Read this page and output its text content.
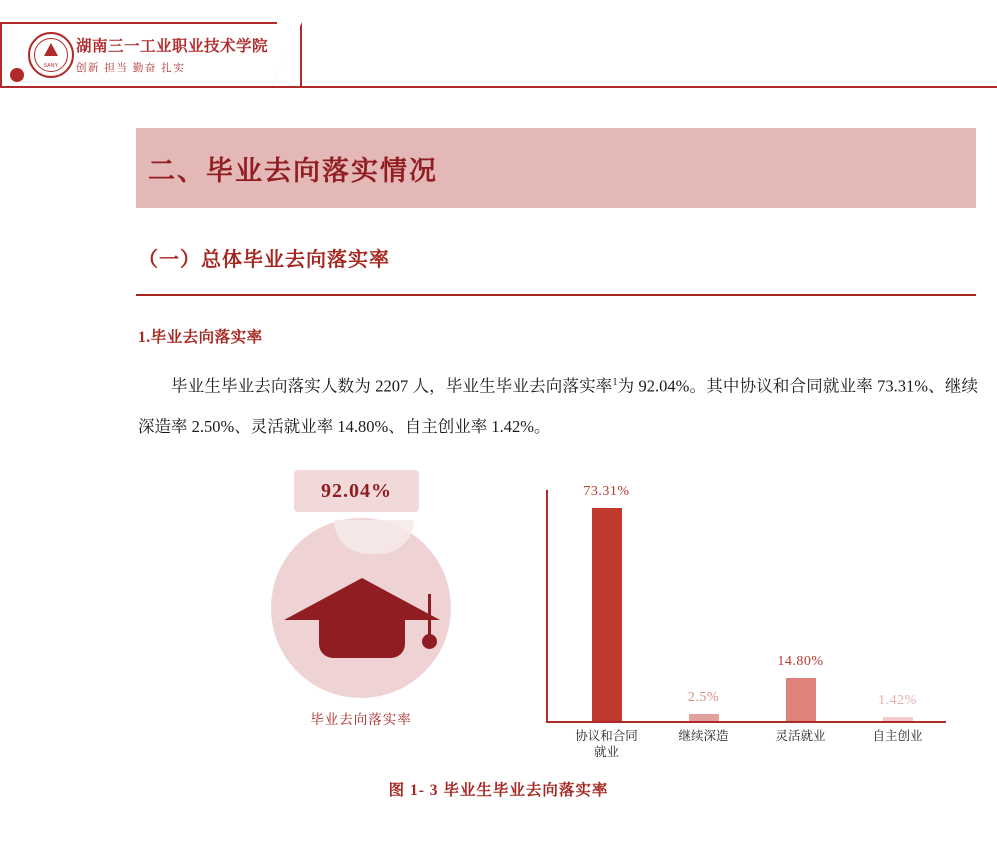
SANY
湖南三一工业职业技术学院
创新 担当 勤奋 扎实
二、毕业去向落实情况
（一）总体毕业去向落实率
1.毕业去向落实率
毕业生毕业去向落实人数为 2207 人，毕业生毕业去向落实率$^1$为 92.04%。其中协议和合同就业率 73.31%、继续深造率 2.50%、灵活就业率 14.80%、自主创业率 1.42%。
92.04%
毕业去向落实率
73.31%
协议和合同
就业
2.5%
继续深造
14.80%
灵活就业
1.42%
自主创业
图 1- 3 毕业生毕业去向落实率
